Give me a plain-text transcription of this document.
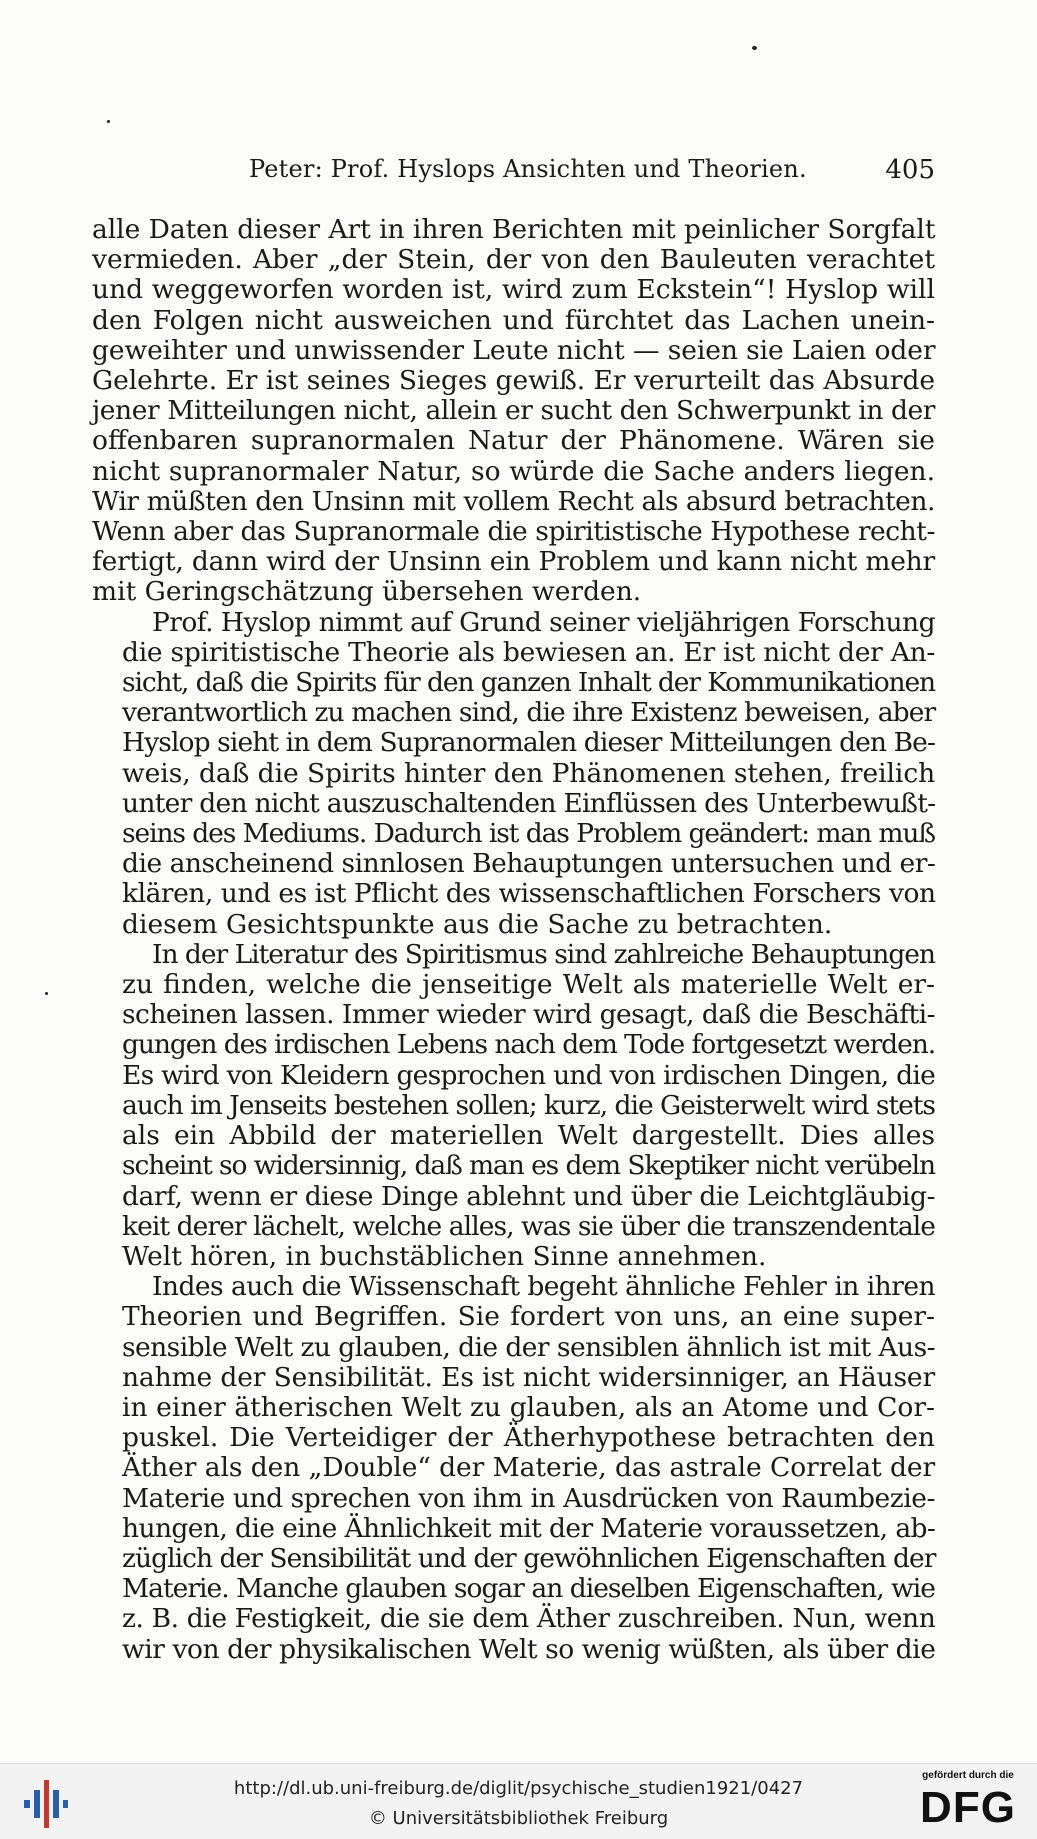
Peter: Prof. Hyslops Ansichten und Theorien.	405

alle Daten dieser Art in ihren Berichten mit peinlicher Sorgfalt
vermieden. Aber „der Stein, der von den Bauleuten verachtet
und weggeworfen worden ist, wird zum Eckstein“! Hyslop will
den Folgen nicht ausweichen und fürchtet das Lachen unein-
geweihter und unwissender Leute nicht — seien sie Laien oder
Gelehrte. Er ist seines Sieges gewiß. Er verurteilt das Absurde
jener Mitteilungen nicht, allein er sucht den Schwerpunkt in der
offenbaren supranormalen Natur der Phänomene. Wären sie
nicht supranormaler Natur, so würde die Sache anders liegen.
Wir müßten den Unsinn mit vollem Recht als absurd betrachten.
Wenn aber das Supranormale die spiritistische Hypothese recht-
fertigt, dann wird der Unsinn ein Problem und kann nicht mehr
mit Geringschätzung übersehen werden.

Prof. Hyslop nimmt auf Grund seiner vieljährigen Forschung
die spiritistische Theorie als bewiesen an. Er ist nicht der An-
sicht, daß die Spirits für den ganzen Inhalt der Kommunikationen
verantwortlich zu machen sind, die ihre Existenz beweisen, aber
Hyslop sieht in dem Supranormalen dieser Mitteilungen den Be-
weis, daß die Spirits hinter den Phänomenen stehen, freilich
unter den nicht auszuschaltenden Einflüssen des Unterbewußt-
seins des Mediums. Dadurch ist das Problem geändert: man muß
die anscheinend sinnlosen Behauptungen untersuchen und er-
klären, und es ist Pflicht des wissenschaftlichen Forschers von
diesem Gesichtspunkte aus die Sache zu betrachten.

In der Literatur des Spiritismus sind zahlreiche Behauptungen
zu finden, welche die jenseitige Welt als materielle Welt er-
scheinen lassen. Immer wieder wird gesagt, daß die Beschäfti-
gungen des irdischen Lebens nach dem Tode fortgesetzt werden.
Es wird von Kleidern gesprochen und von irdischen Dingen, die
auch im Jenseits bestehen sollen; kurz, die Geisterwelt wird stets
als ein Abbild der materiellen Welt dargestellt. Dies alles
scheint so widersinnig, daß man es dem Skeptiker nicht verübeln
darf, wenn er diese Dinge ablehnt und über die Leichtgläubig-
keit derer lächelt, welche alles, was sie über die transzendentale
Welt hören, in buchstäblichen Sinne annehmen.

Indes auch die Wissenschaft begeht ähnliche Fehler in ihren
Theorien und Begriffen. Sie fordert von uns, an eine super-
sensible Welt zu glauben, die der sensiblen ähnlich ist mit Aus-
nahme der Sensibilität. Es ist nicht widersinniger, an Häuser
in einer ätherischen Welt zu glauben, als an Atome und Cor-
puskel. Die Verteidiger der Ätherhypothese betrachten den
Äther als den „Double“ der Materie, das astrale Correlat der
Materie und sprechen von ihm in Ausdrücken von Raumbezie-
hungen, die eine Ähnlichkeit mit der Materie voraussetzen, ab-
züglich der Sensibilität und der gewöhnlichen Eigenschaften der
Materie. Manche glauben sogar an dieselben Eigenschaften, wie
z. B. die Festigkeit, die sie dem Äther zuschreiben. Nun, wenn
wir von der physikalischen Welt so wenig wüßten, als über die

http://dl.ub.uni-freiburg.de/diglit/psychische_studien1921/0427
© Universitätsbibliothek Freiburg
gefördert durch die
DFG
